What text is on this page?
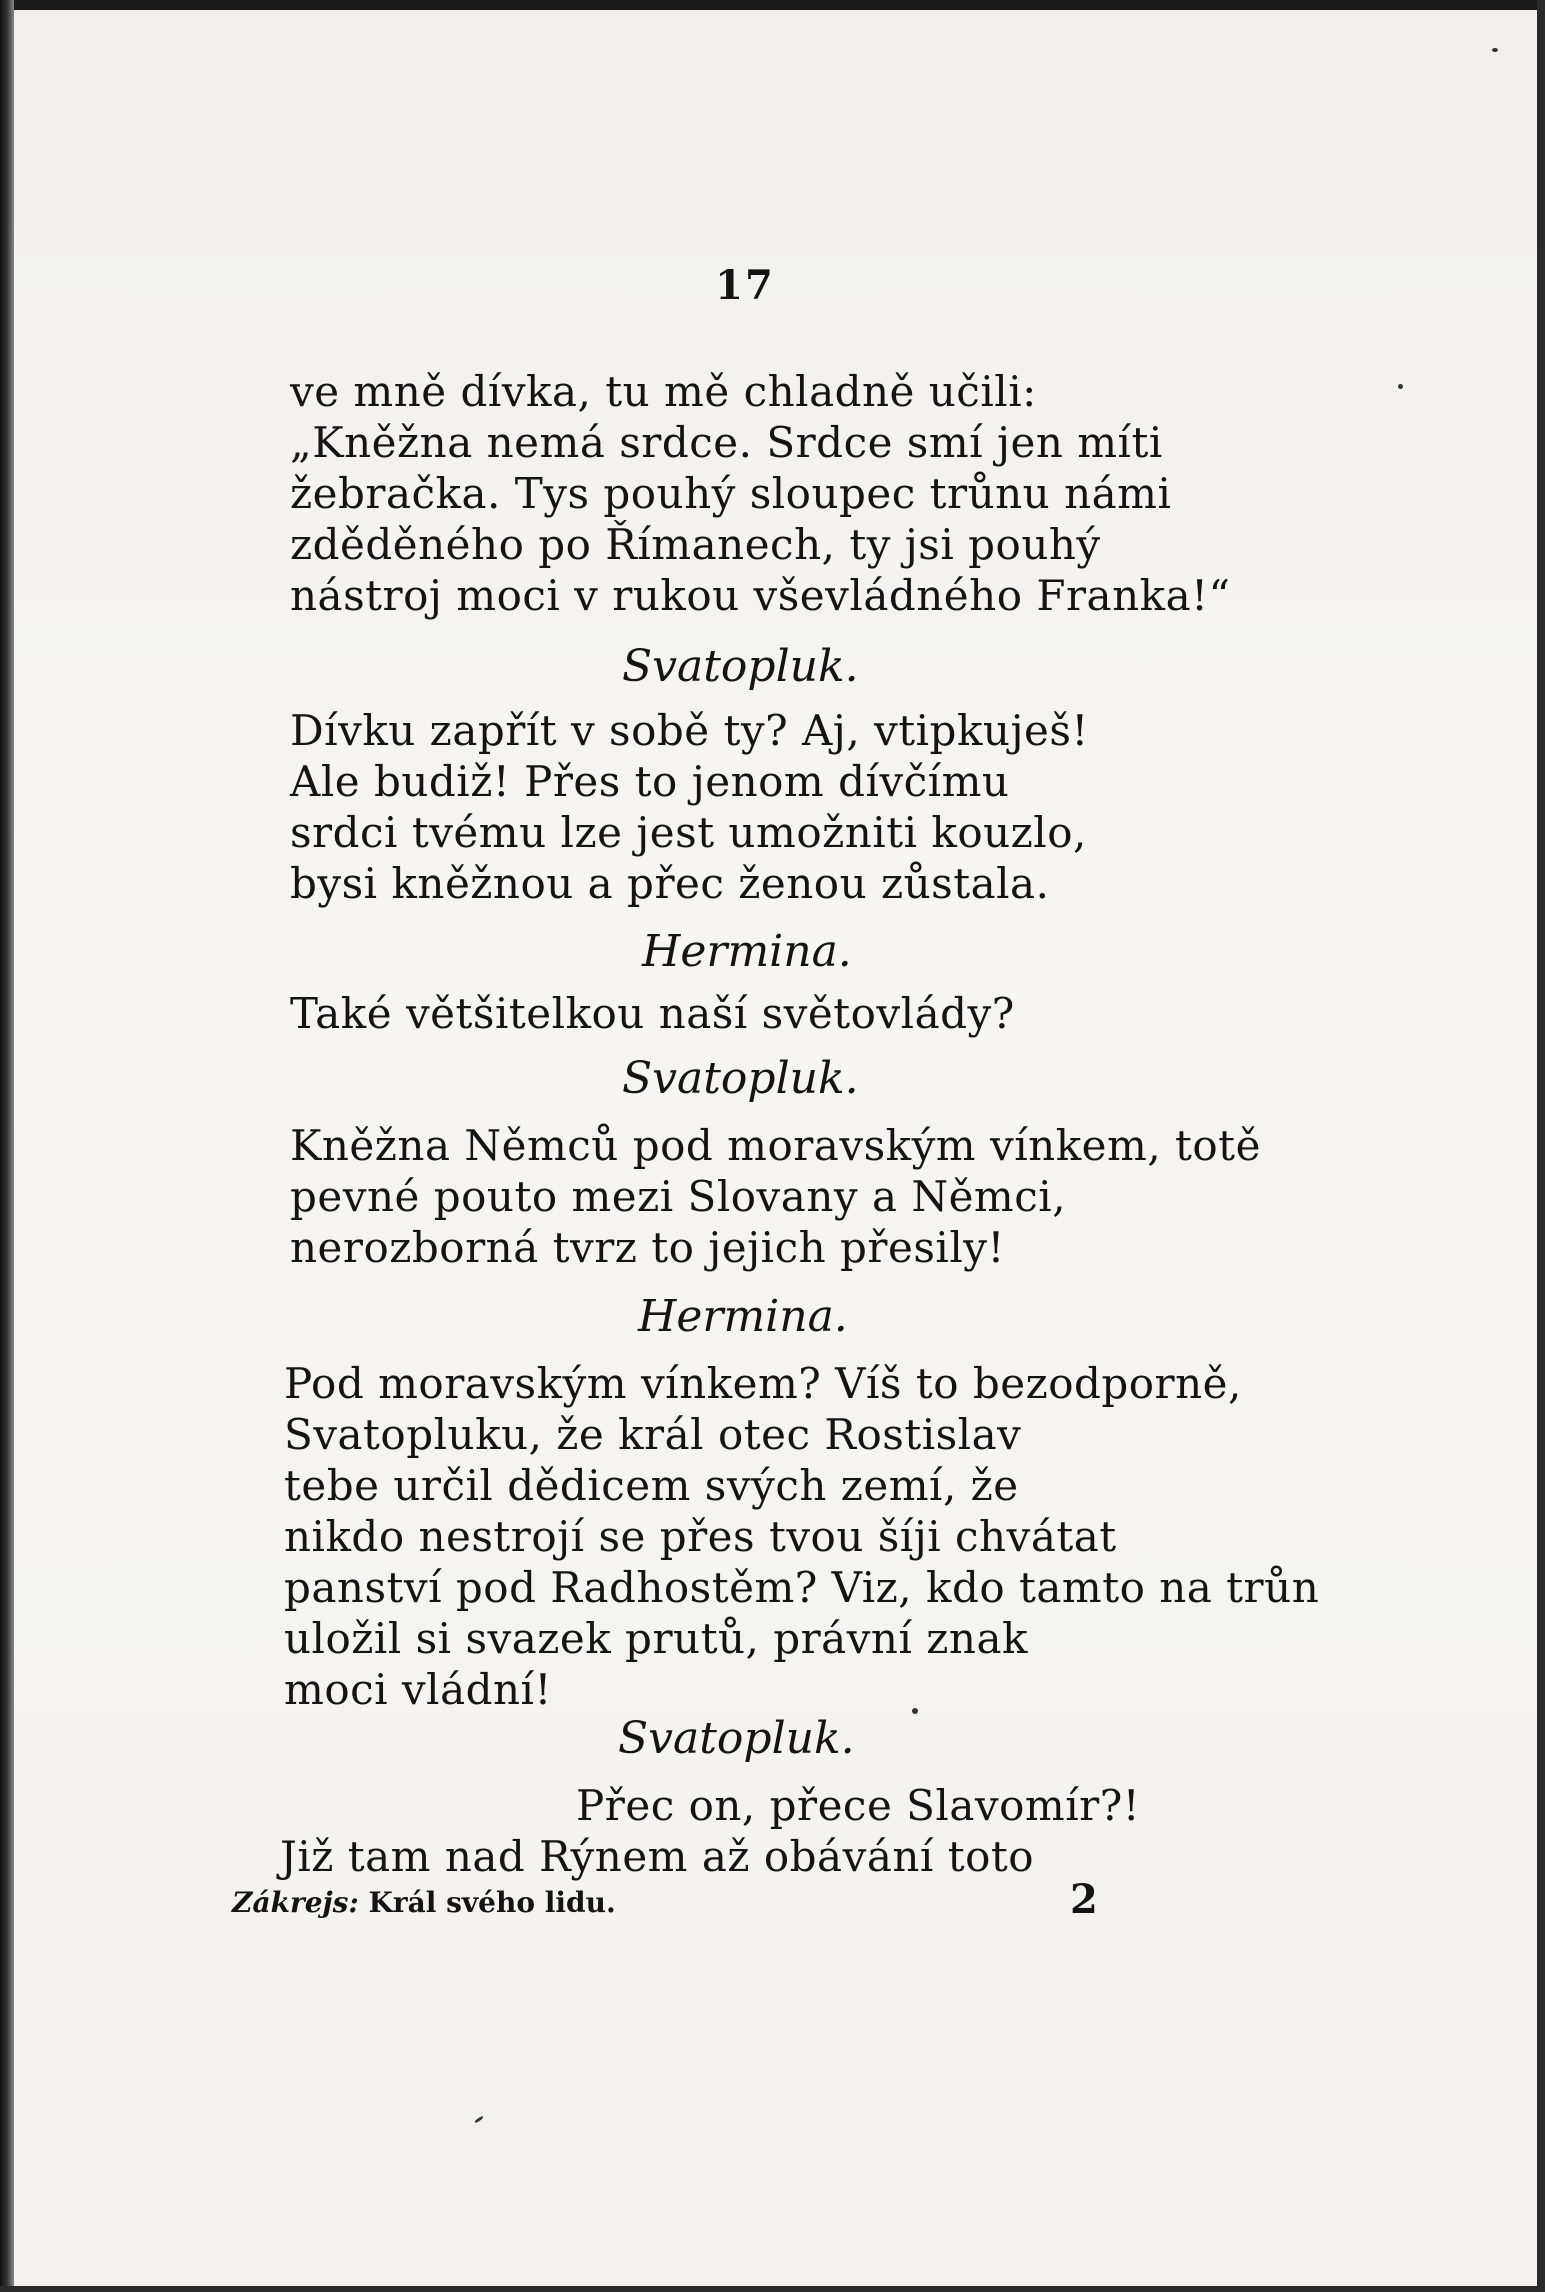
17
ve mně dívka, tu mě chladně učili:
„Kněžna nemá srdce. Srdce smí jen míti
žebračka. Tys pouhý sloupec trůnu námi
zděděného po Římanech, ty jsi pouhý
nástroj moci v rukou vševládného Franka!“
Svatopluk.
Dívku zapřít v sobě ty? Aj, vtipkuješ!
Ale budiž! Přes to jenom dívčímu
srdci tvému lze jest umožniti kouzlo,
bysi kněžnou a přec ženou zůstala.
Hermina.
Také většitelkou naší světovlády?
Svatopluk.
Kněžna Němců pod moravským vínkem, totě
pevné pouto mezi Slovany a Němci,
nerozborná tvrz to jejich přesily!
Hermina.
Pod moravským vínkem? Víš to bezodporně,
Svatopluku, že král otec Rostislav
tebe určil dědicem svých zemí, že
nikdo nestrojí se přes tvou šíji chvátat
panství pod Radhostěm? Viz, kdo tamto na trůn
uložil si svazek prutů, právní znak
moci vládní!
Svatopluk.
Přec on, přece Slavomír?!
Již tam nad Rýnem až obávání toto
Zákrejs: Král svého lidu.	2
